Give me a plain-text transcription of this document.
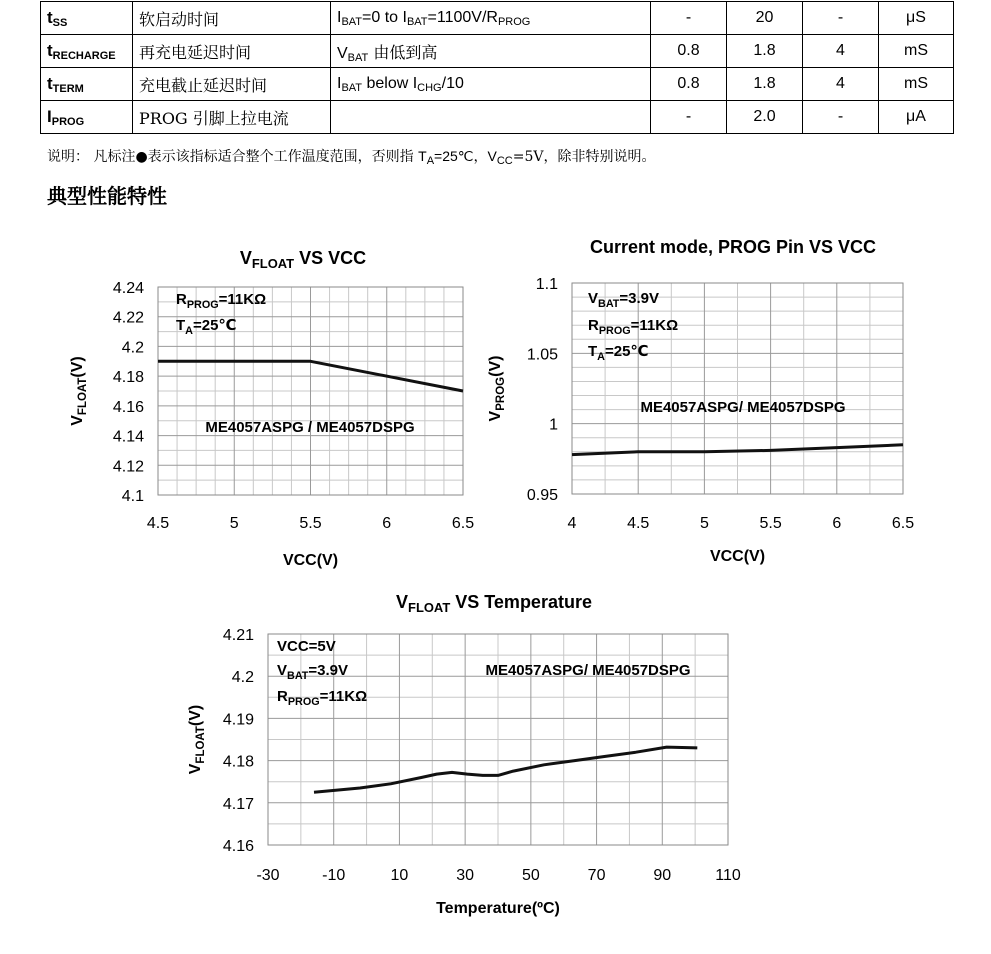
$t_{SS}$	软启动时间	$I_{BAT}=0$ to $I_{BAT}=1100V/R_{PROG}$	-	20	-	μS
$t_{RECHARGE}$	再充电延迟时间	$V_{BAT}$ 由低到高	0.8	1.8	4	mS
$t_{TERM}$	充电截止延迟时间	$I_{BAT}$ below $I_{CHG}/10$	0.8	1.8	4	mS
$I_{PROG}$	PROG 引脚上拉电流		-	2.0	-	μA
说明： 凡标注●表示该指标适合整个工作温度范围，否则指 $T_A=25℃$，$V_{CC}=5V$，除非特别说明。
典型性能特性
4.5	5	5.5	6	6.5
4.1
4.12
4.14
4.16
4.18
4.2
4.22
4.24
$V_{FLOAT}$ VS VCC
VCC(V)
$V_{FLOAT}(V)$
$R_{PROG}=11K\Omega$
$T_A=25℃$
ME4057ASPG / ME4057DSPG
4	4.5	5	5.5	6	6.5
0.95
1
1.05
1.1
Current mode, PROG Pin VS VCC
VCC(V)
$V_{PROG}(V)$
$V_{BAT}=3.9V$
$R_{PROG}=11K\Omega$
$T_A=25℃$
ME4057ASPG/ ME4057DSPG
-30	-10	10	30	50	70	90	110
4.16
4.17
4.18
4.19
4.2
4.21
$V_{FLOAT}$ VS Temperature
Temperature(ºC)
$V_{FLOAT}(V)$
VCC=5V
$V_{BAT}=3.9V$
$R_{PROG}=11K\Omega$
ME4057ASPG/ ME4057DSPG
